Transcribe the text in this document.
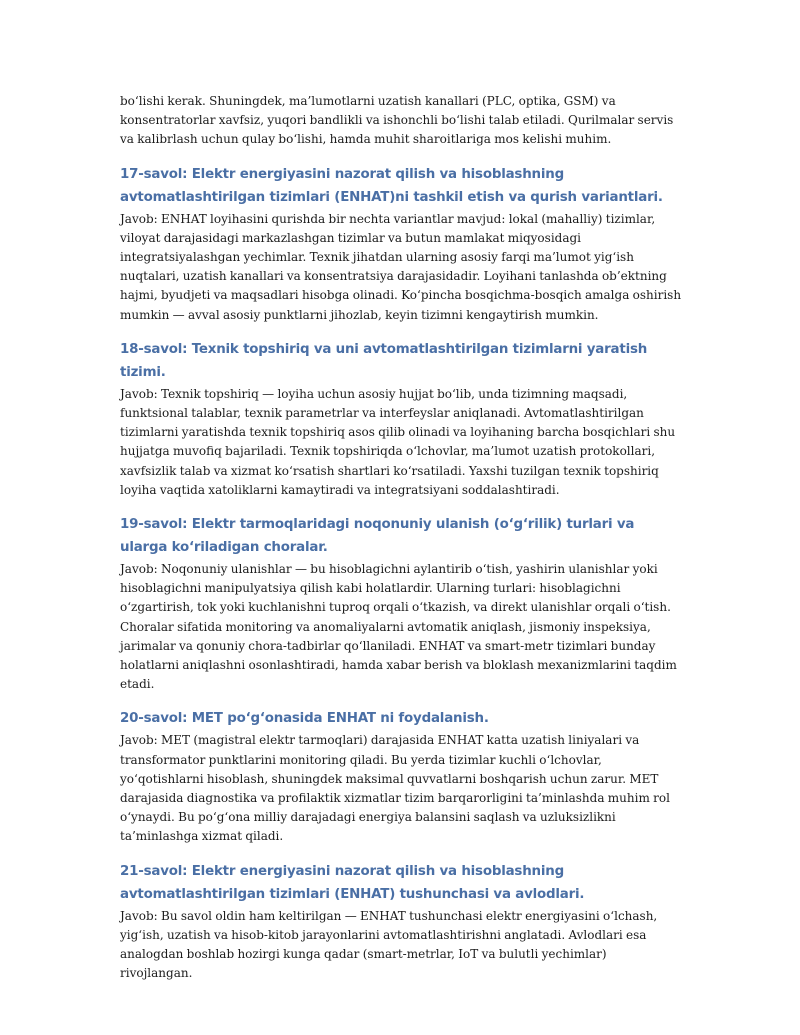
bo‘lishi kerak. Shuningdek, ma’lumotlarni uzatish kanallari (PLC, optika, GSM) va konsentratorlar xavfsiz, yuqori bandlikli va ishonchli bo‘lishi talab etiladi. Qurilmalar servis va kalibrlash uchun qulay bo‘lishi, hamda muhit sharoitlariga mos kelishi muhim.

17-savol: Elektr energiyasini nazorat qilish va hisoblashning avtomatlashtirilgan tizimlari (ENHAT)ni tashkil etish va qurish variantlari.

Javob: ENHAT loyihasini qurishda bir nechta variantlar mavjud: lokal (mahalliy) tizimlar, viloyat darajasidagi markazlashgan tizimlar va butun mamlakat miqyosidagi integratsiyalashgan yechimlar. Texnik jihatdan ularning asosiy farqi ma’lumot yig‘ish nuqtalari, uzatish kanallari va konsentratsiya darajasidadir. Loyihani tanlashda ob’ektning hajmi, byudjeti va maqsadlari hisobga olinadi. Ko‘pincha bosqichma-bosqich amalga oshirish mumkin — avval asosiy punktlarni jihozlab, keyin tizimni kengaytirish mumkin.

18-savol: Texnik topshiriq va uni avtomatlashtirilgan tizimlarni yaratish tizimi.

Javob: Texnik topshiriq — loyiha uchun asosiy hujjat bo‘lib, unda tizimning maqsadi, funktsional talablar, texnik parametrlar va interfeyslar aniqlanadi. Avtomatlashtirilgan tizimlarni yaratishda texnik topshiriq asos qilib olinadi va loyihaning barcha bosqichlari shu hujjatga muvofiq bajariladi. Texnik topshiriqda o‘lchovlar, ma’lumot uzatish protokollari, xavfsizlik talab va xizmat ko‘rsatish shartlari ko‘rsatiladi. Yaxshi tuzilgan texnik topshiriq loyiha vaqtida xatoliklarni kamaytiradi va integratsiyani soddalashtiradi.

19-savol: Elektr tarmoqlaridagi noqonuniy ulanish (o‘g‘rilik) turlari va ularga ko‘riladigan choralar.

Javob: Noqonuniy ulanishlar — bu hisoblagichni aylantirib o‘tish, yashirin ulanishlar yoki hisoblagichni manipulyatsiya qilish kabi holatlardir. Ularning turlari: hisoblagichni o‘zgartirish, tok yoki kuchlanishni tuproq orqali o‘tkazish, va direkt ulanishlar orqali o‘tish. Choralar sifatida monitoring va anomaliyalarni avtomatik aniqlash, jismoniy inspeksiya, jarimalar va qonuniy chora-tadbirlar qo‘llaniladi. ENHAT va smart-metr tizimlari bunday holatlarni aniqlashni osonlashtiradi, hamda xabar berish va bloklash mexanizmlarini taqdim etadi.

20-savol: MET po‘g‘onasida ENHAT ni foydalanish.

Javob: MET (magistral elektr tarmoqlari) darajasida ENHAT katta uzatish liniyalari va transformator punktlarini monitoring qiladi. Bu yerda tizimlar kuchli o‘lchovlar, yo‘qotishlarni hisoblash, shuningdek maksimal quvvatlarni boshqarish uchun zarur. MET darajasida diagnostika va profilaktik xizmatlar tizim barqarorligini ta’minlashda muhim rol o‘ynaydi. Bu po‘g‘ona milliy darajadagi energiya balansini saqlash va uzluksizlikni ta’minlashga xizmat qiladi.

21-savol: Elektr energiyasini nazorat qilish va hisoblashning avtomatlashtirilgan tizimlari (ENHAT) tushunchasi va avlodlari.

Javob: Bu savol oldin ham keltirilgan — ENHAT tushunchasi elektr energiyasini o‘lchash, yig‘ish, uzatish va hisob-kitob jarayonlarini avtomatlashtirishni anglatadi. Avlodlari esa analogdan boshlab hozirgi kunga qadar (smart-metrlar, IoT va bulutli yechimlar) rivojlangan.
